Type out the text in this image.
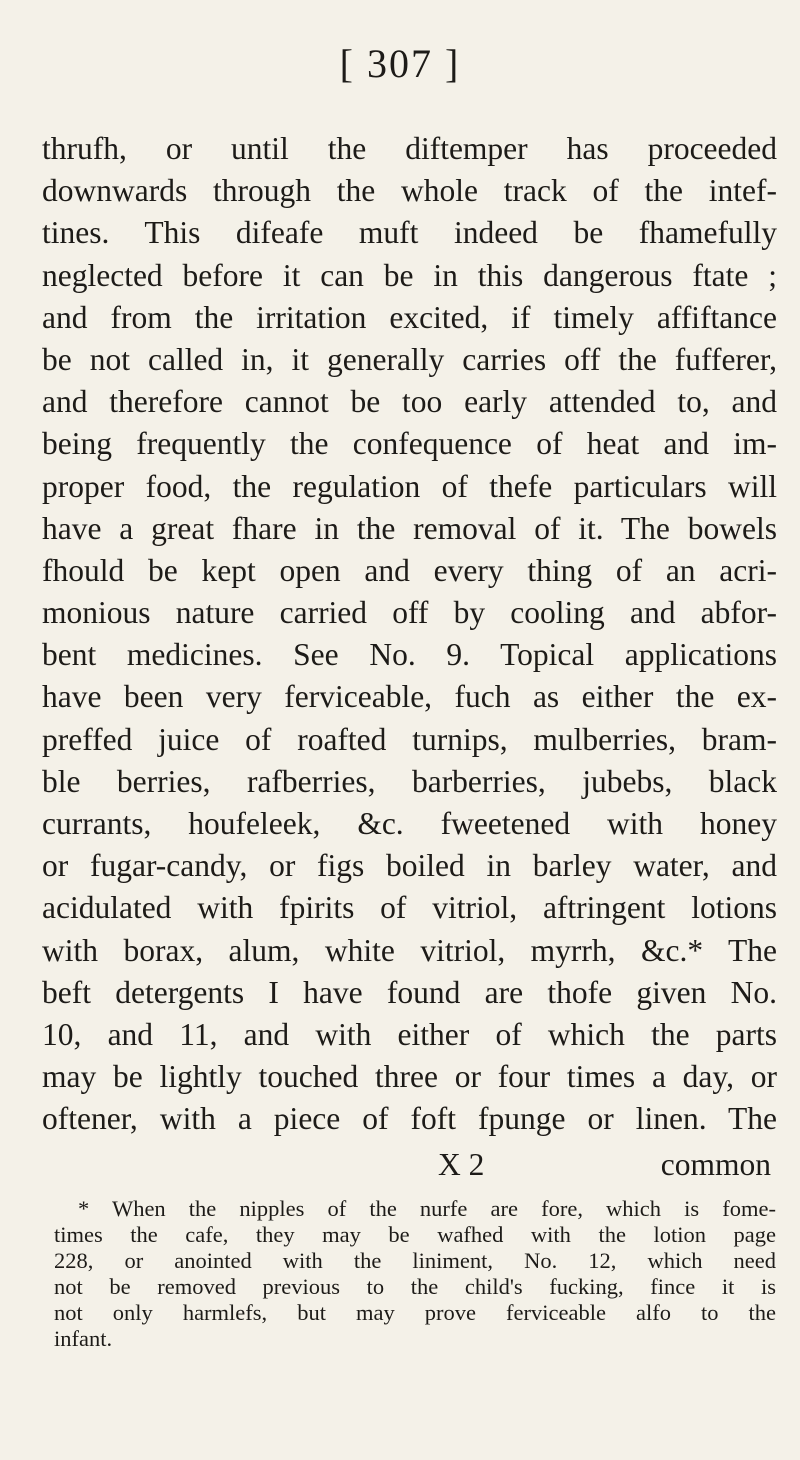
[ 307 ]
thrufh, or until the diftemper has proceeded
downwards through the whole track of the intef-
tines. This difeafe muft indeed be fhamefully
neglected before it can be in this dangerous ftate ;
and from the irritation excited, if timely affiftance
be not called in, it generally carries off the fufferer,
and therefore cannot be too early attended to, and
being frequently the confequence of heat and im-
proper food, the regulation of thefe particulars will
have a great fhare in the removal of it. The bowels
fhould be kept open and every thing of an acri-
monious nature carried off by cooling and abfor-
bent medicines. See No. 9. Topical applications
have been very ferviceable, fuch as either the ex-
preffed juice of roafted turnips, mulberries, bram-
ble berries, rafberries, barberries, jubebs, black
currants, houfeleek, &c. fweetened with honey
or fugar-candy, or figs boiled in barley water, and
acidulated with fpirits of vitriol, aftringent lotions
with borax, alum, white vitriol, myrrh, &c.* The
beft detergents I have found are thofe given No.
10, and 11, and with either of which the parts
may be lightly touched three or four times a day, or
oftener, with a piece of foft fpunge or linen. The
X 2	common
* When the nipples of the nurfe are fore, which is fome-
times the cafe, they may be wafhed with the lotion page
228, or anointed with the liniment, No. 12, which need
not be removed previous to the child's fucking, fince it is
not only harmlefs, but may prove ferviceable alfo to the
infant.
